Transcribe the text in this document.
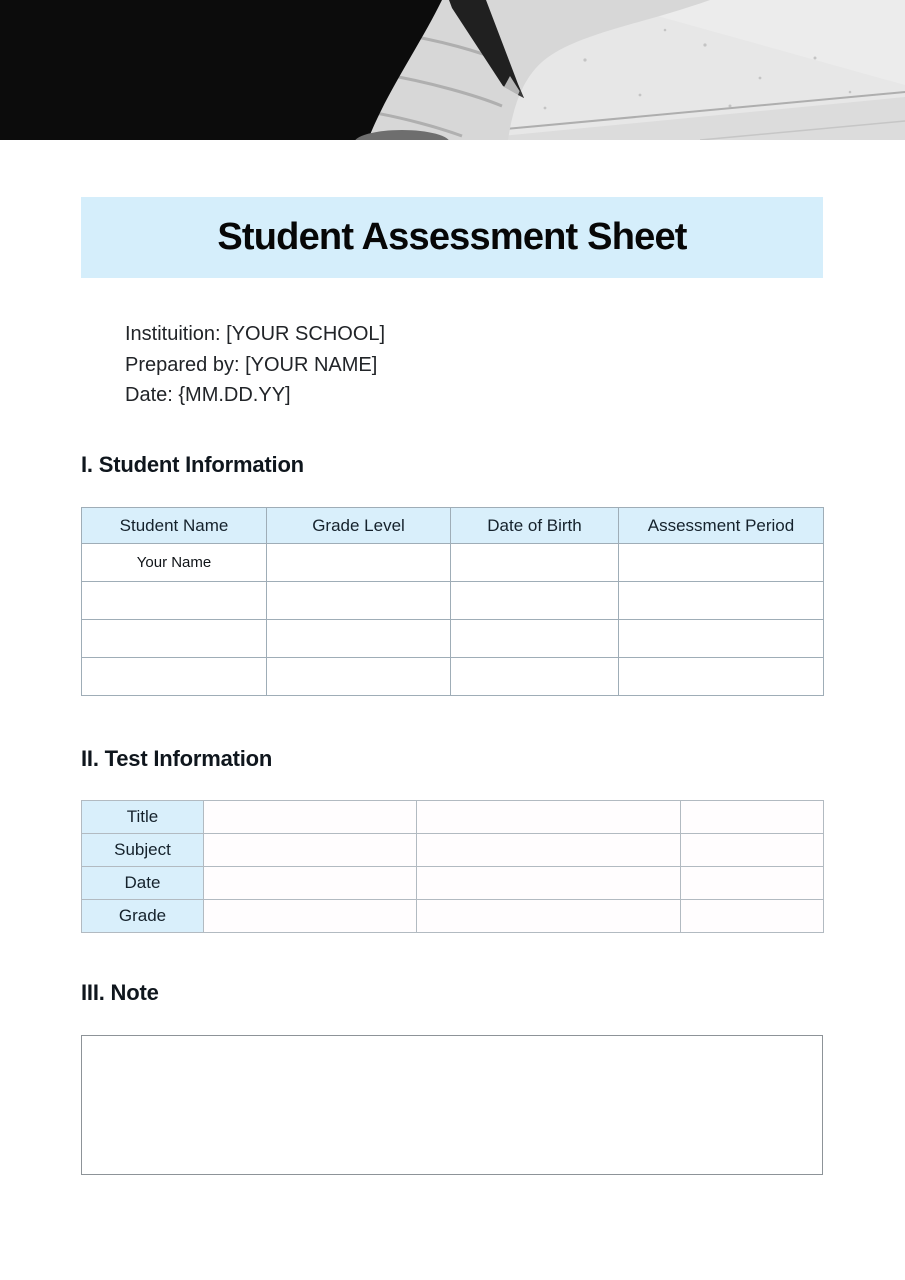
Student Assessment Sheet
Instituition: [YOUR SCHOOL]
Prepared by: [YOUR NAME]
Date: {MM.DD.YY]
I. Student Information
Student Name	Grade Level	Date of Birth	Assessment Period
Your Name			

II. Test Information
Title			
Subject			
Date			
Grade			
III. Note
